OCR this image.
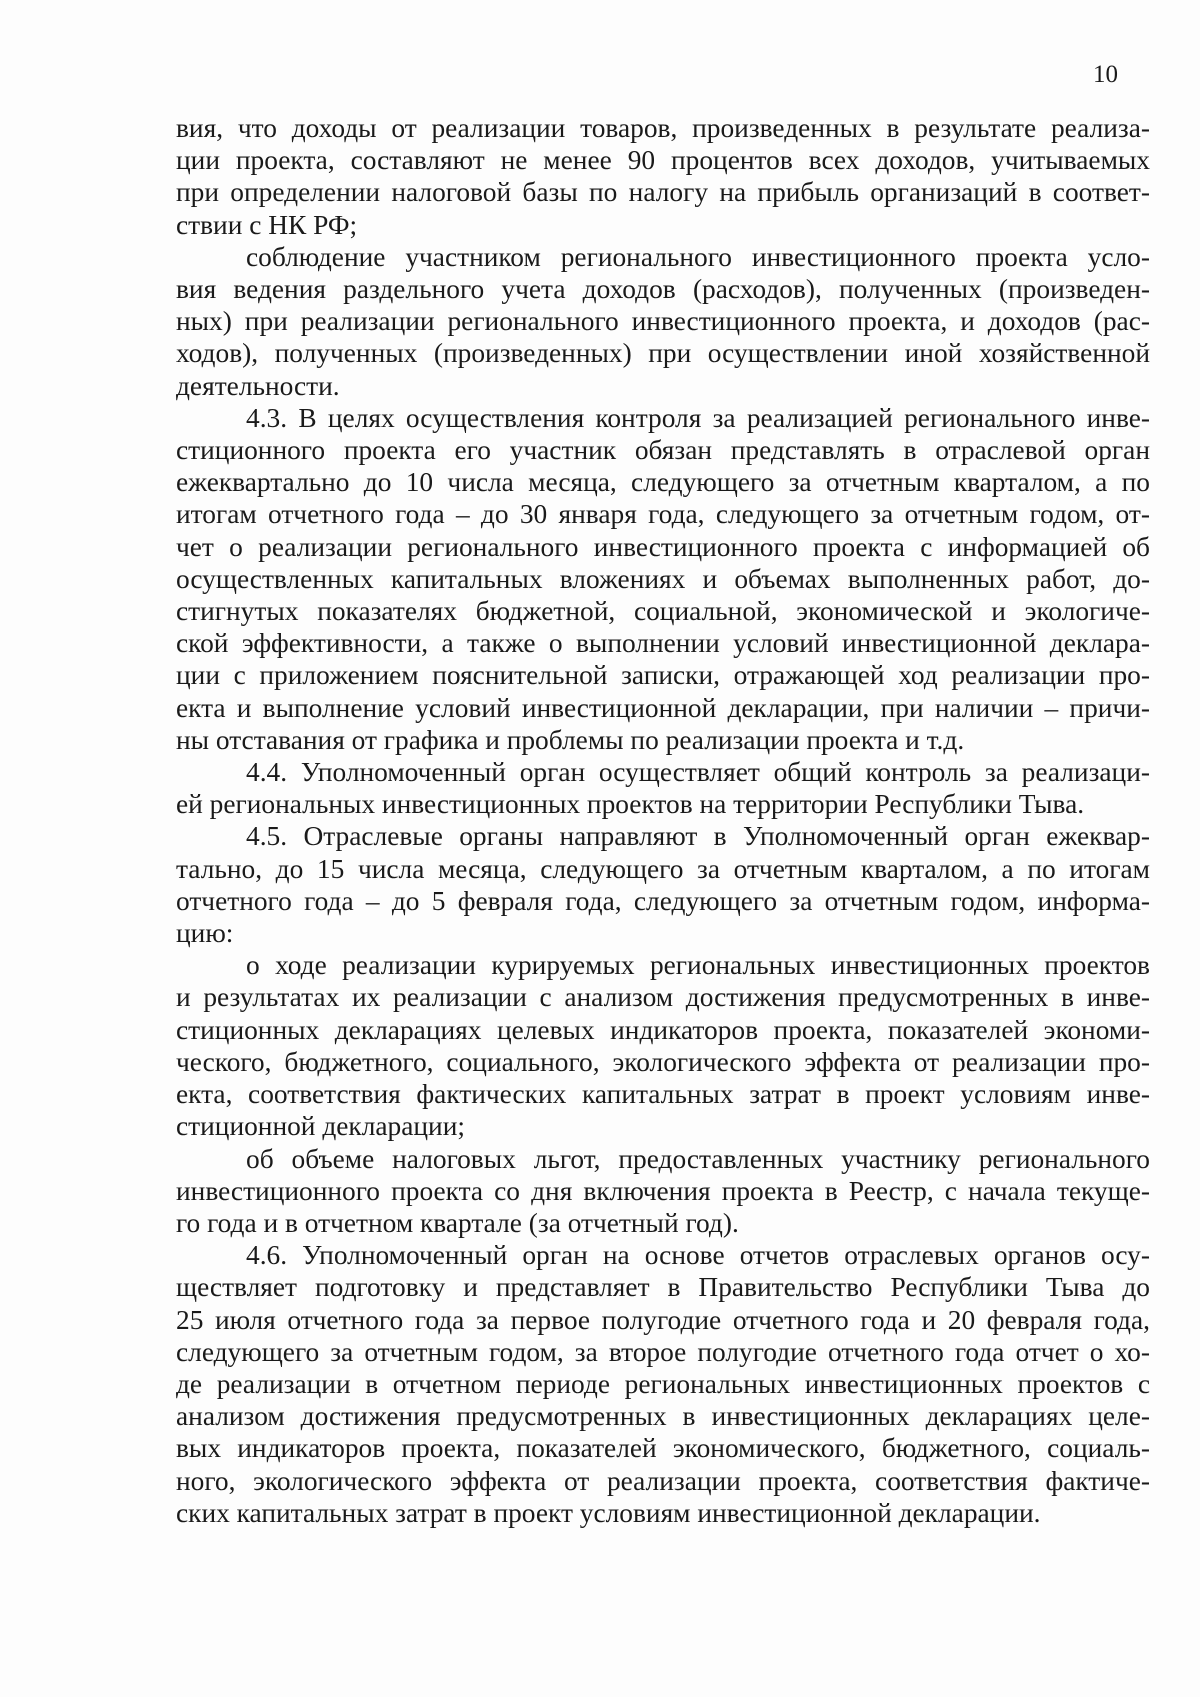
10
вия, что доходы от реализации товаров, произведенных в результате реализа-
ции проекта, составляют не менее 90 процентов всех доходов, учитываемых
при определении налоговой базы по налогу на прибыль организаций в соответ-
ствии с НК РФ;
соблюдение участником регионального инвестиционного проекта усло-
вия ведения раздельного учета доходов (расходов), полученных (произведен-
ных) при реализации регионального инвестиционного проекта, и доходов (рас-
ходов), полученных (произведенных) при осуществлении иной хозяйственной
деятельности.
4.3. В целях осуществления контроля за реализацией регионального инве-
стиционного проекта его участник обязан представлять в отраслевой орган
ежеквартально до 10 числа месяца, следующего за отчетным кварталом, а по
итогам отчетного года – до 30 января года, следующего за отчетным годом, от-
чет о реализации регионального инвестиционного проекта с информацией об
осуществленных капитальных вложениях и объемах выполненных работ, до-
стигнутых показателях бюджетной, социальной, экономической и экологиче-
ской эффективности, а также о выполнении условий инвестиционной деклара-
ции с приложением пояснительной записки, отражающей ход реализации про-
екта и выполнение условий инвестиционной декларации, при наличии – причи-
ны отставания от графика и проблемы по реализации проекта и т.д.
4.4. Уполномоченный орган осуществляет общий контроль за реализаци-
ей региональных инвестиционных проектов на территории Республики Тыва.
4.5. Отраслевые органы направляют в Уполномоченный орган ежеквар-
тально, до 15 числа месяца, следующего за отчетным кварталом, а по итогам
отчетного года – до 5 февраля года, следующего за отчетным годом, информа-
цию:
о ходе реализации курируемых региональных инвестиционных проектов
и результатах их реализации с анализом достижения предусмотренных в инве-
стиционных декларациях целевых индикаторов проекта, показателей экономи-
ческого, бюджетного, социального, экологического эффекта от реализации про-
екта, соответствия фактических капитальных затрат в проект условиям инве-
стиционной декларации;
об объеме налоговых льгот, предоставленных участнику регионального
инвестиционного проекта со дня включения проекта в Реестр, с начала текуще-
го года и в отчетном квартале (за отчетный год).
4.6. Уполномоченный орган на основе отчетов отраслевых органов осу-
ществляет подготовку и представляет в Правительство Республики Тыва до
25 июля отчетного года за первое полугодие отчетного года и 20 февраля года,
следующего за отчетным годом, за второе полугодие отчетного года отчет о хо-
де реализации в отчетном периоде региональных инвестиционных проектов с
анализом достижения предусмотренных в инвестиционных декларациях целе-
вых индикаторов проекта, показателей экономического, бюджетного, социаль-
ного, экологического эффекта от реализации проекта, соответствия фактиче-
ских капитальных затрат в проект условиям инвестиционной декларации.
